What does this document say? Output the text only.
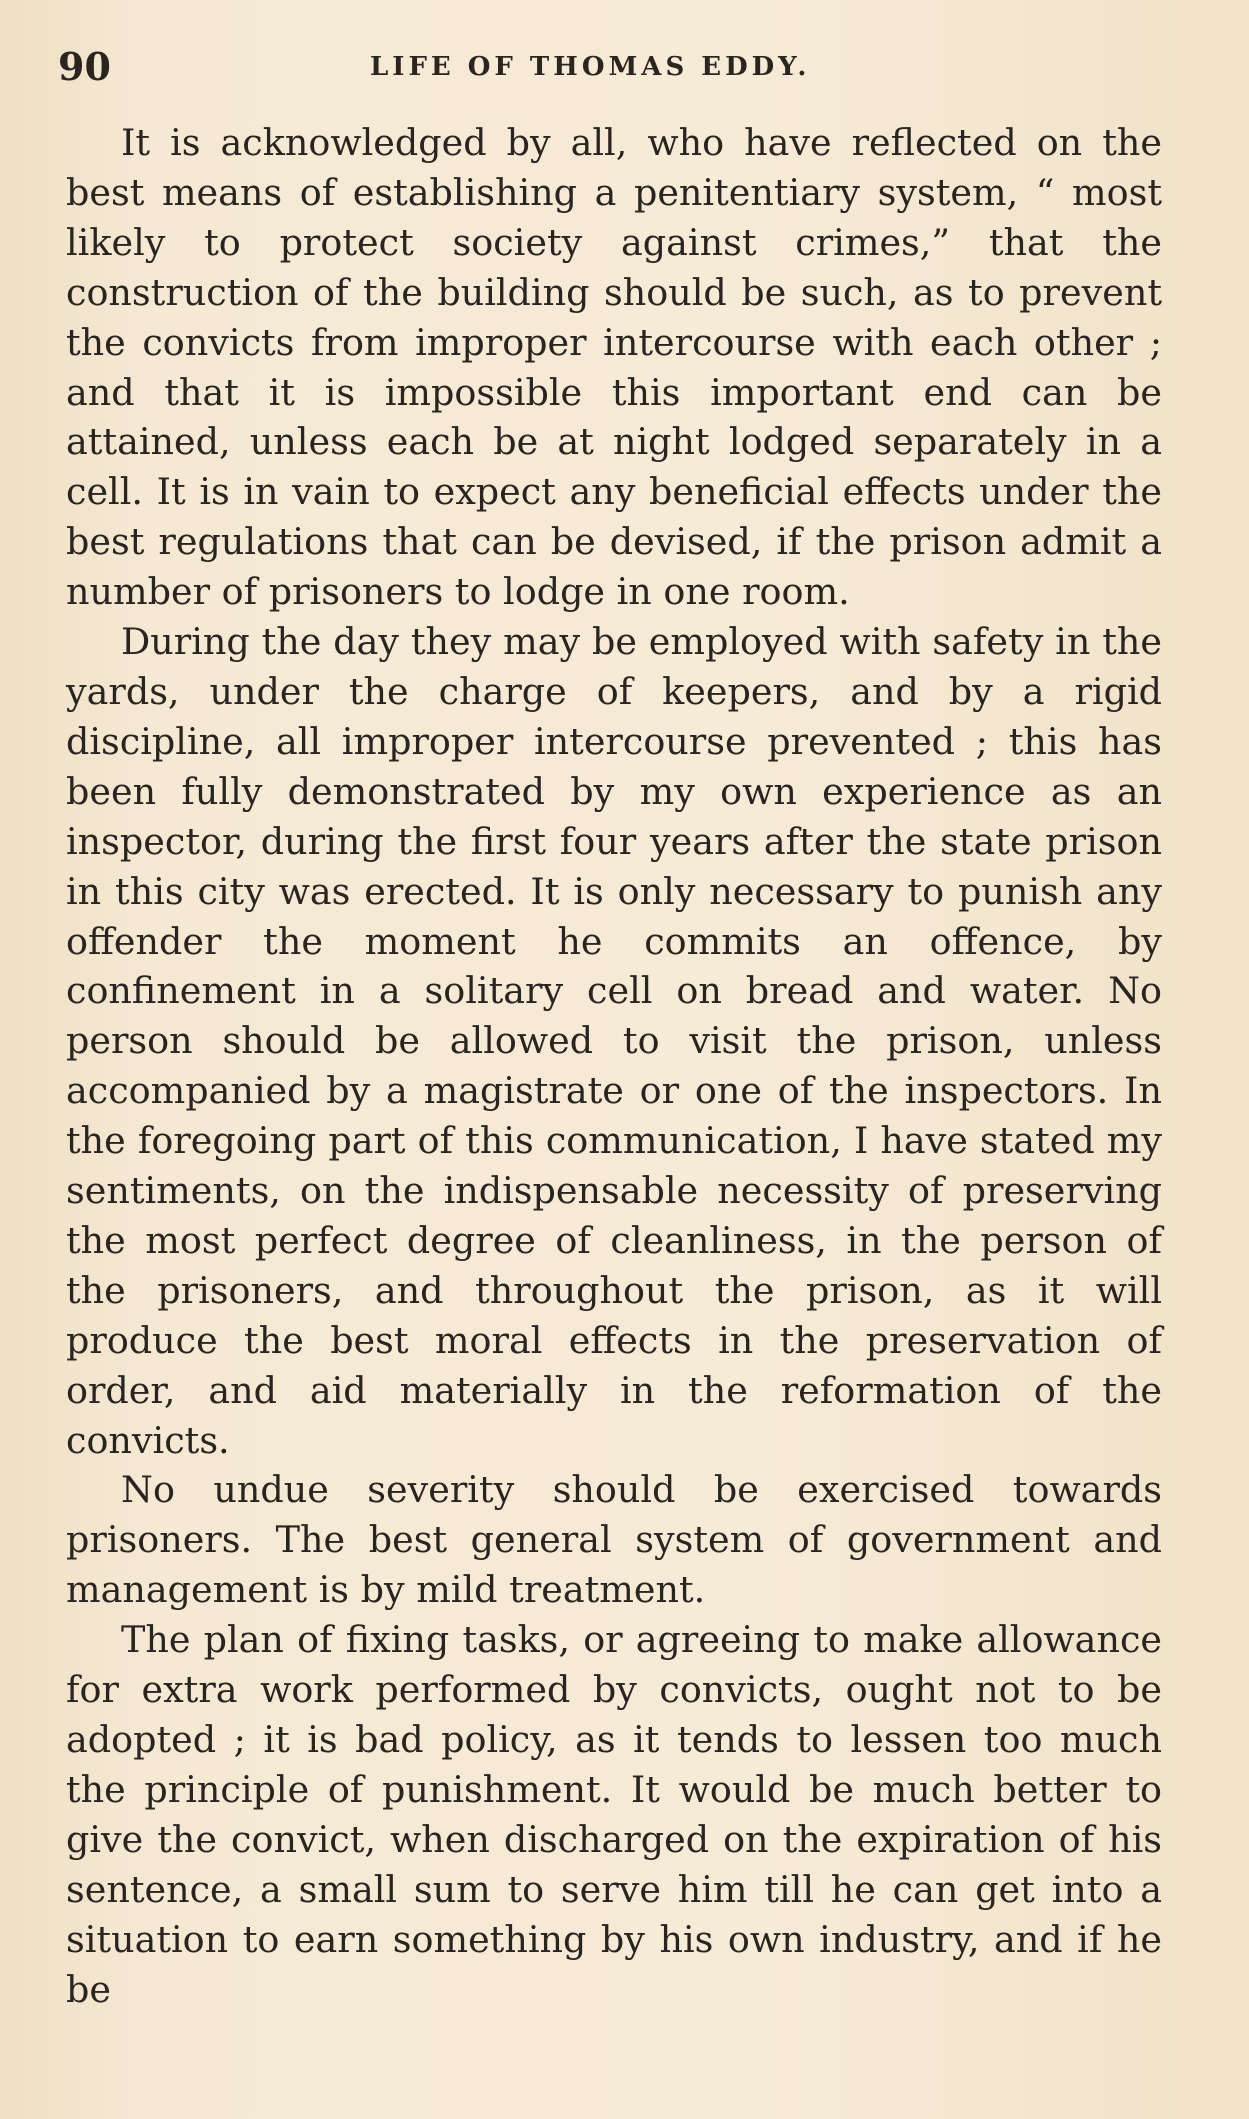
90	LIFE OF THOMAS EDDY.

It is acknowledged by all, who have reflected on the best means of establishing a penitentiary system, “ most likely to protect society against crimes,” that the construction of the building should be such, as to prevent the convicts from improper intercourse with each other ; and that it is impossible this important end can be attained, unless each be at night lodged separately in a cell. It is in vain to expect any beneficial effects under the best regulations that can be devised, if the prison admit a number of prisoners to lodge in one room.

During the day they may be employed with safety in the yards, under the charge of keepers, and by a rigid discipline, all improper intercourse prevented ; this has been fully demonstrated by my own experience as an inspector, during the first four years after the state prison in this city was erected. It is only necessary to punish any offender the moment he commits an offence, by confinement in a solitary cell on bread and water. No person should be allowed to visit the prison, unless accompanied by a magistrate or one of the inspectors. In the foregoing part of this communication, I have stated my sentiments, on the indispensable necessity of preserving the most perfect degree of cleanliness, in the person of the prisoners, and throughout the prison, as it will produce the best moral effects in the preservation of order, and aid materially in the reformation of the convicts.

No undue severity should be exercised towards prisoners. The best general system of government and management is by mild treatment.

The plan of fixing tasks, or agreeing to make allowance for extra work performed by convicts, ought not to be adopted ; it is bad policy, as it tends to lessen too much the principle of punishment. It would be much better to give the convict, when discharged on the expiration of his sentence, a small sum to serve him till he can get into a situation to earn something by his own industry, and if he be
